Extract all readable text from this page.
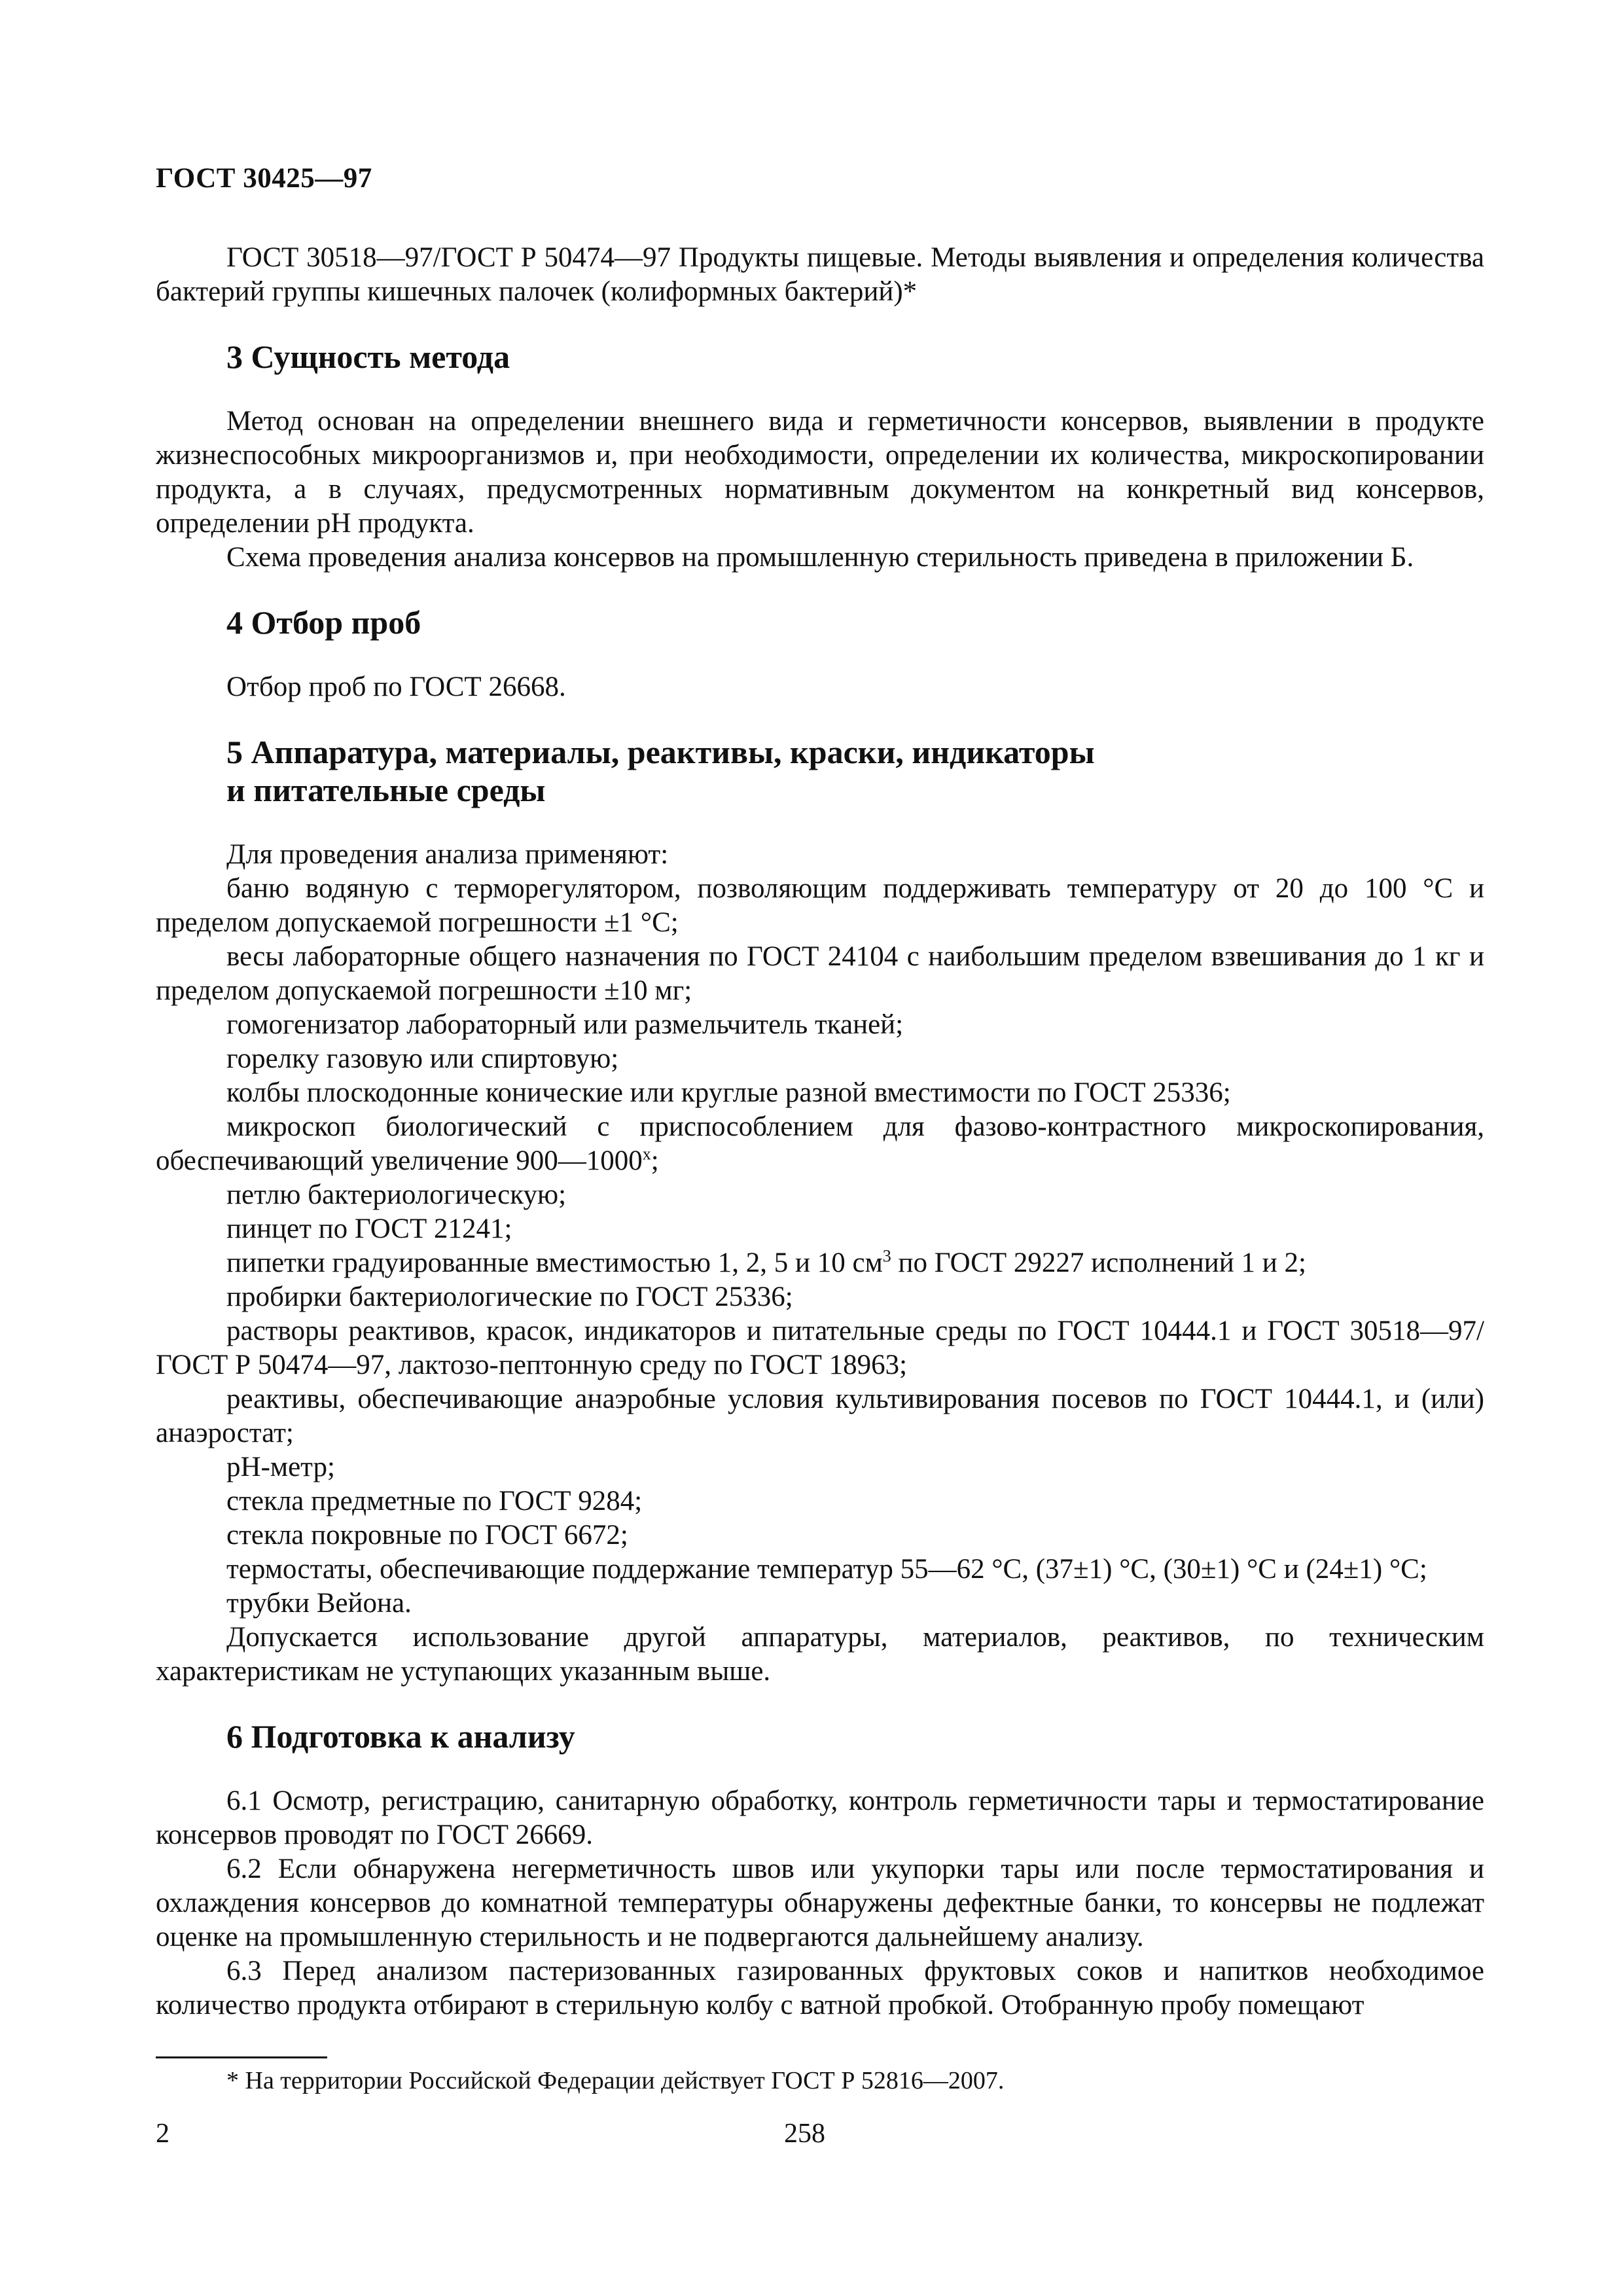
ГОСТ 30425—97

ГОСТ 30518—97/ГОСТ Р 50474—97 Продукты пищевые. Методы выявления и определения количества бактерий группы кишечных палочек (колиформных бактерий)*

3 Сущность метода

Метод основан на определении внешнего вида и герметичности консервов, выявлении в продукте жизнеспособных микроорганизмов и, при необходимости, определении их количества, микроскопировании продукта, а в случаях, предусмотренных нормативным документом на конкретный вид консервов, определении рН продукта.

Схема проведения анализа консервов на промышленную стерильность приведена в приложении Б.

4 Отбор проб

Отбор проб по ГОСТ 26668.

5 Аппаратура, материалы, реактивы, краски, индикаторы
и питательные среды

Для проведения анализа применяют:

баню водяную с терморегулятором, позволяющим поддерживать температуру от 20 до 100 °С и пределом допускаемой погрешности ±1 °С;

весы лабораторные общего назначения по ГОСТ 24104 с наибольшим пределом взвешивания до 1 кг и пределом допускаемой погрешности ±10 мг;

гомогенизатор лабораторный или размельчитель тканей;

горелку газовую или спиртовую;

колбы плоскодонные конические или круглые разной вместимости по ГОСТ 25336;

микроскоп биологический с приспособлением для фазово-контрастного микроскопирования, обеспечивающий увеличение $900—1000^х$;

петлю бактериологическую;

пинцет по ГОСТ 21241;

пипетки градуированные вместимостью 1, 2, 5 и 10 $см^3$ по ГОСТ 29227 исполнений 1 и 2;

пробирки бактериологические по ГОСТ 25336;

растворы реактивов, красок, индикаторов и питательные среды по ГОСТ 10444.1 и ГОСТ 30518—97/ГОСТ Р 50474—97, лактозо-пептонную среду по ГОСТ 18963;

реактивы, обеспечивающие анаэробные условия культивирования посевов по ГОСТ 10444.1, и (или) анаэростат;

рН-метр;

стекла предметные по ГОСТ 9284;

стекла покровные по ГОСТ 6672;

термостаты, обеспечивающие поддержание температур 55—62 °С, (37±1) °С, (30±1) °С и (24±1) °С;

трубки Вейона.

Допускается использование другой аппаратуры, материалов, реактивов, по техническим характеристикам не уступающих указанным выше.

6 Подготовка к анализу

6.1 Осмотр, регистрацию, санитарную обработку, контроль герметичности тары и термостатирование консервов проводят по ГОСТ 26669.

6.2 Если обнаружена негерметичность швов или укупорки тары или после термостатирования и охлаждения консервов до комнатной температуры обнаружены дефектные банки, то консервы не подлежат оценке на промышленную стерильность и не подвергаются дальнейшему анализу.

6.3 Перед анализом пастеризованных газированных фруктовых соков и напитков необходимое количество продукта отбирают в стерильную колбу с ватной пробкой. Отобранную пробу помещают

* На территории Российской Федерации действует ГОСТ Р 52816—2007.
2	258
